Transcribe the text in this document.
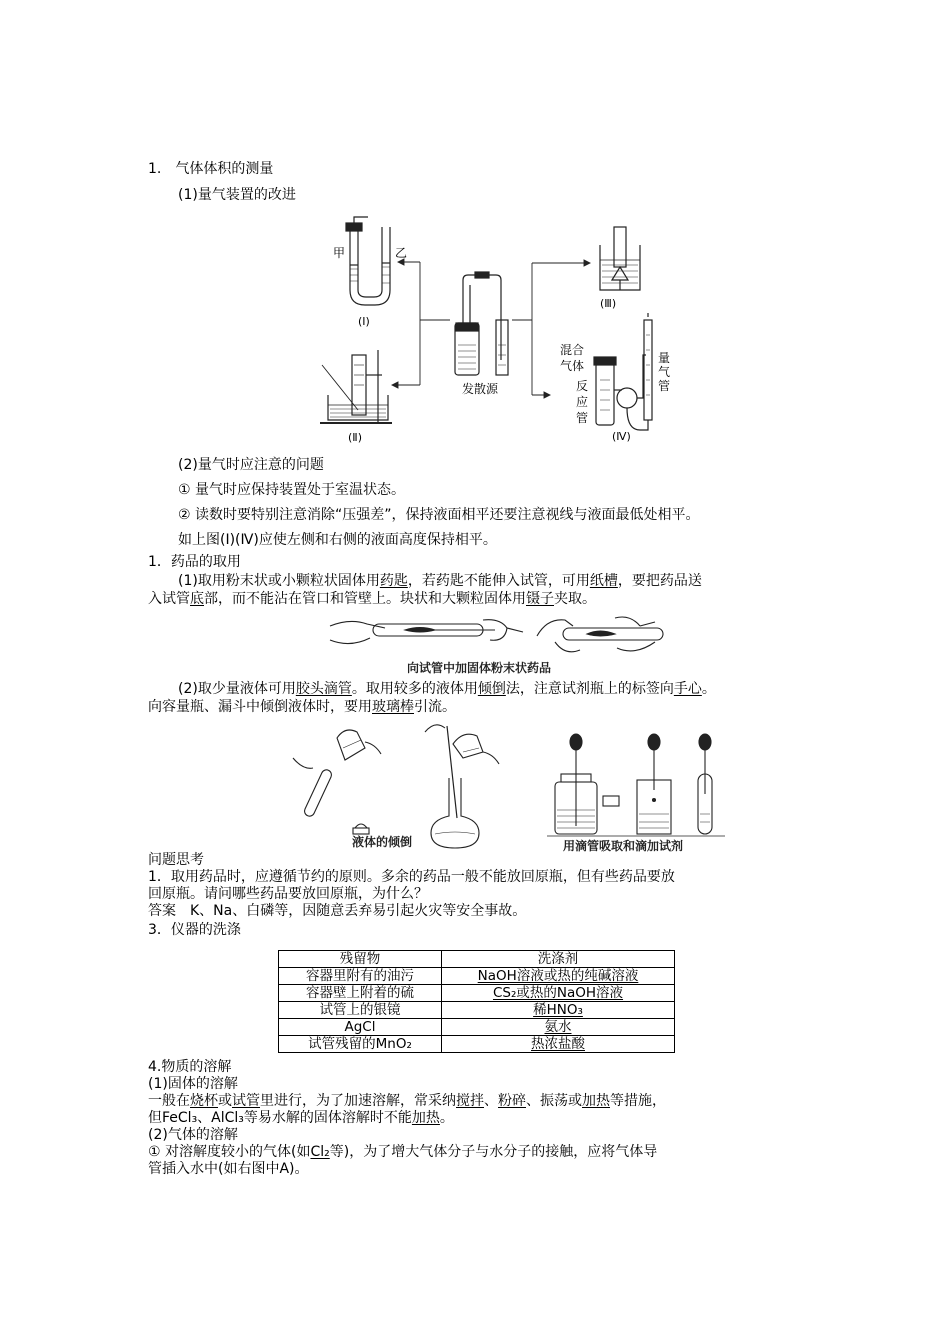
1.　气体体积的测量
(1)量气装置的改进
甲	乙
(Ⅰ)
(Ⅱ)
(Ⅲ)
(Ⅳ)
发散源
混合
气体
反
应
管
量
气
管
(2)量气时应注意的问题
① 量气时应保持装置处于室温状态。
② 读数时要特别注意消除“压强差”，保持液面相平还要注意视线与液面最低处相平。
如上图(Ⅰ)(Ⅳ)应使左侧和右侧的液面高度保持相平。
1．药品的取用
(1)取用粉末状或小颗粒状固体用药匙，若药匙不能伸入试管，可用纸槽，要把药品送
入试管底部，而不能沾在管口和管壁上。块状和大颗粒固体用镊子夹取。
向试管中加固体粉末状药品
(2)取少量液体可用胶头滴管。取用较多的液体用倾倒法，注意试剂瓶上的标签向手心。
向容量瓶、漏斗中倾倒液体时，要用玻璃棒引流。
液体的倾倒	用滴管吸取和滴加试剂
问题思考
1．取用药品时，应遵循节约的原则。多余的药品一般不能放回原瓶，但有些药品要放
回原瓶。请问哪些药品要放回原瓶，为什么？
答案　K、Na、白磷等，因随意丢弃易引起火灾等安全事故。
3．仪器的洗涤
残留物	洗涤剂
容器里附有的油污	NaOH溶液或热的纯碱溶液
容器壁上附着的硫	CS₂或热的NaOH溶液
试管上的银镜	稀HNO₃
AgCl	氨水
试管残留的MnO₂	热浓盐酸
4.物质的溶解
(1)固体的溶解
一般在烧杯或试管里进行，为了加速溶解，常采纳搅拌、粉碎、振荡或加热等措施，
但FeCl₃、AlCl₃等易水解的固体溶解时不能加热。
(2)气体的溶解
① 对溶解度较小的气体(如Cl₂等)，为了增大气体分子与水分子的接触，应将气体导
管插入水中(如右图中A)。
